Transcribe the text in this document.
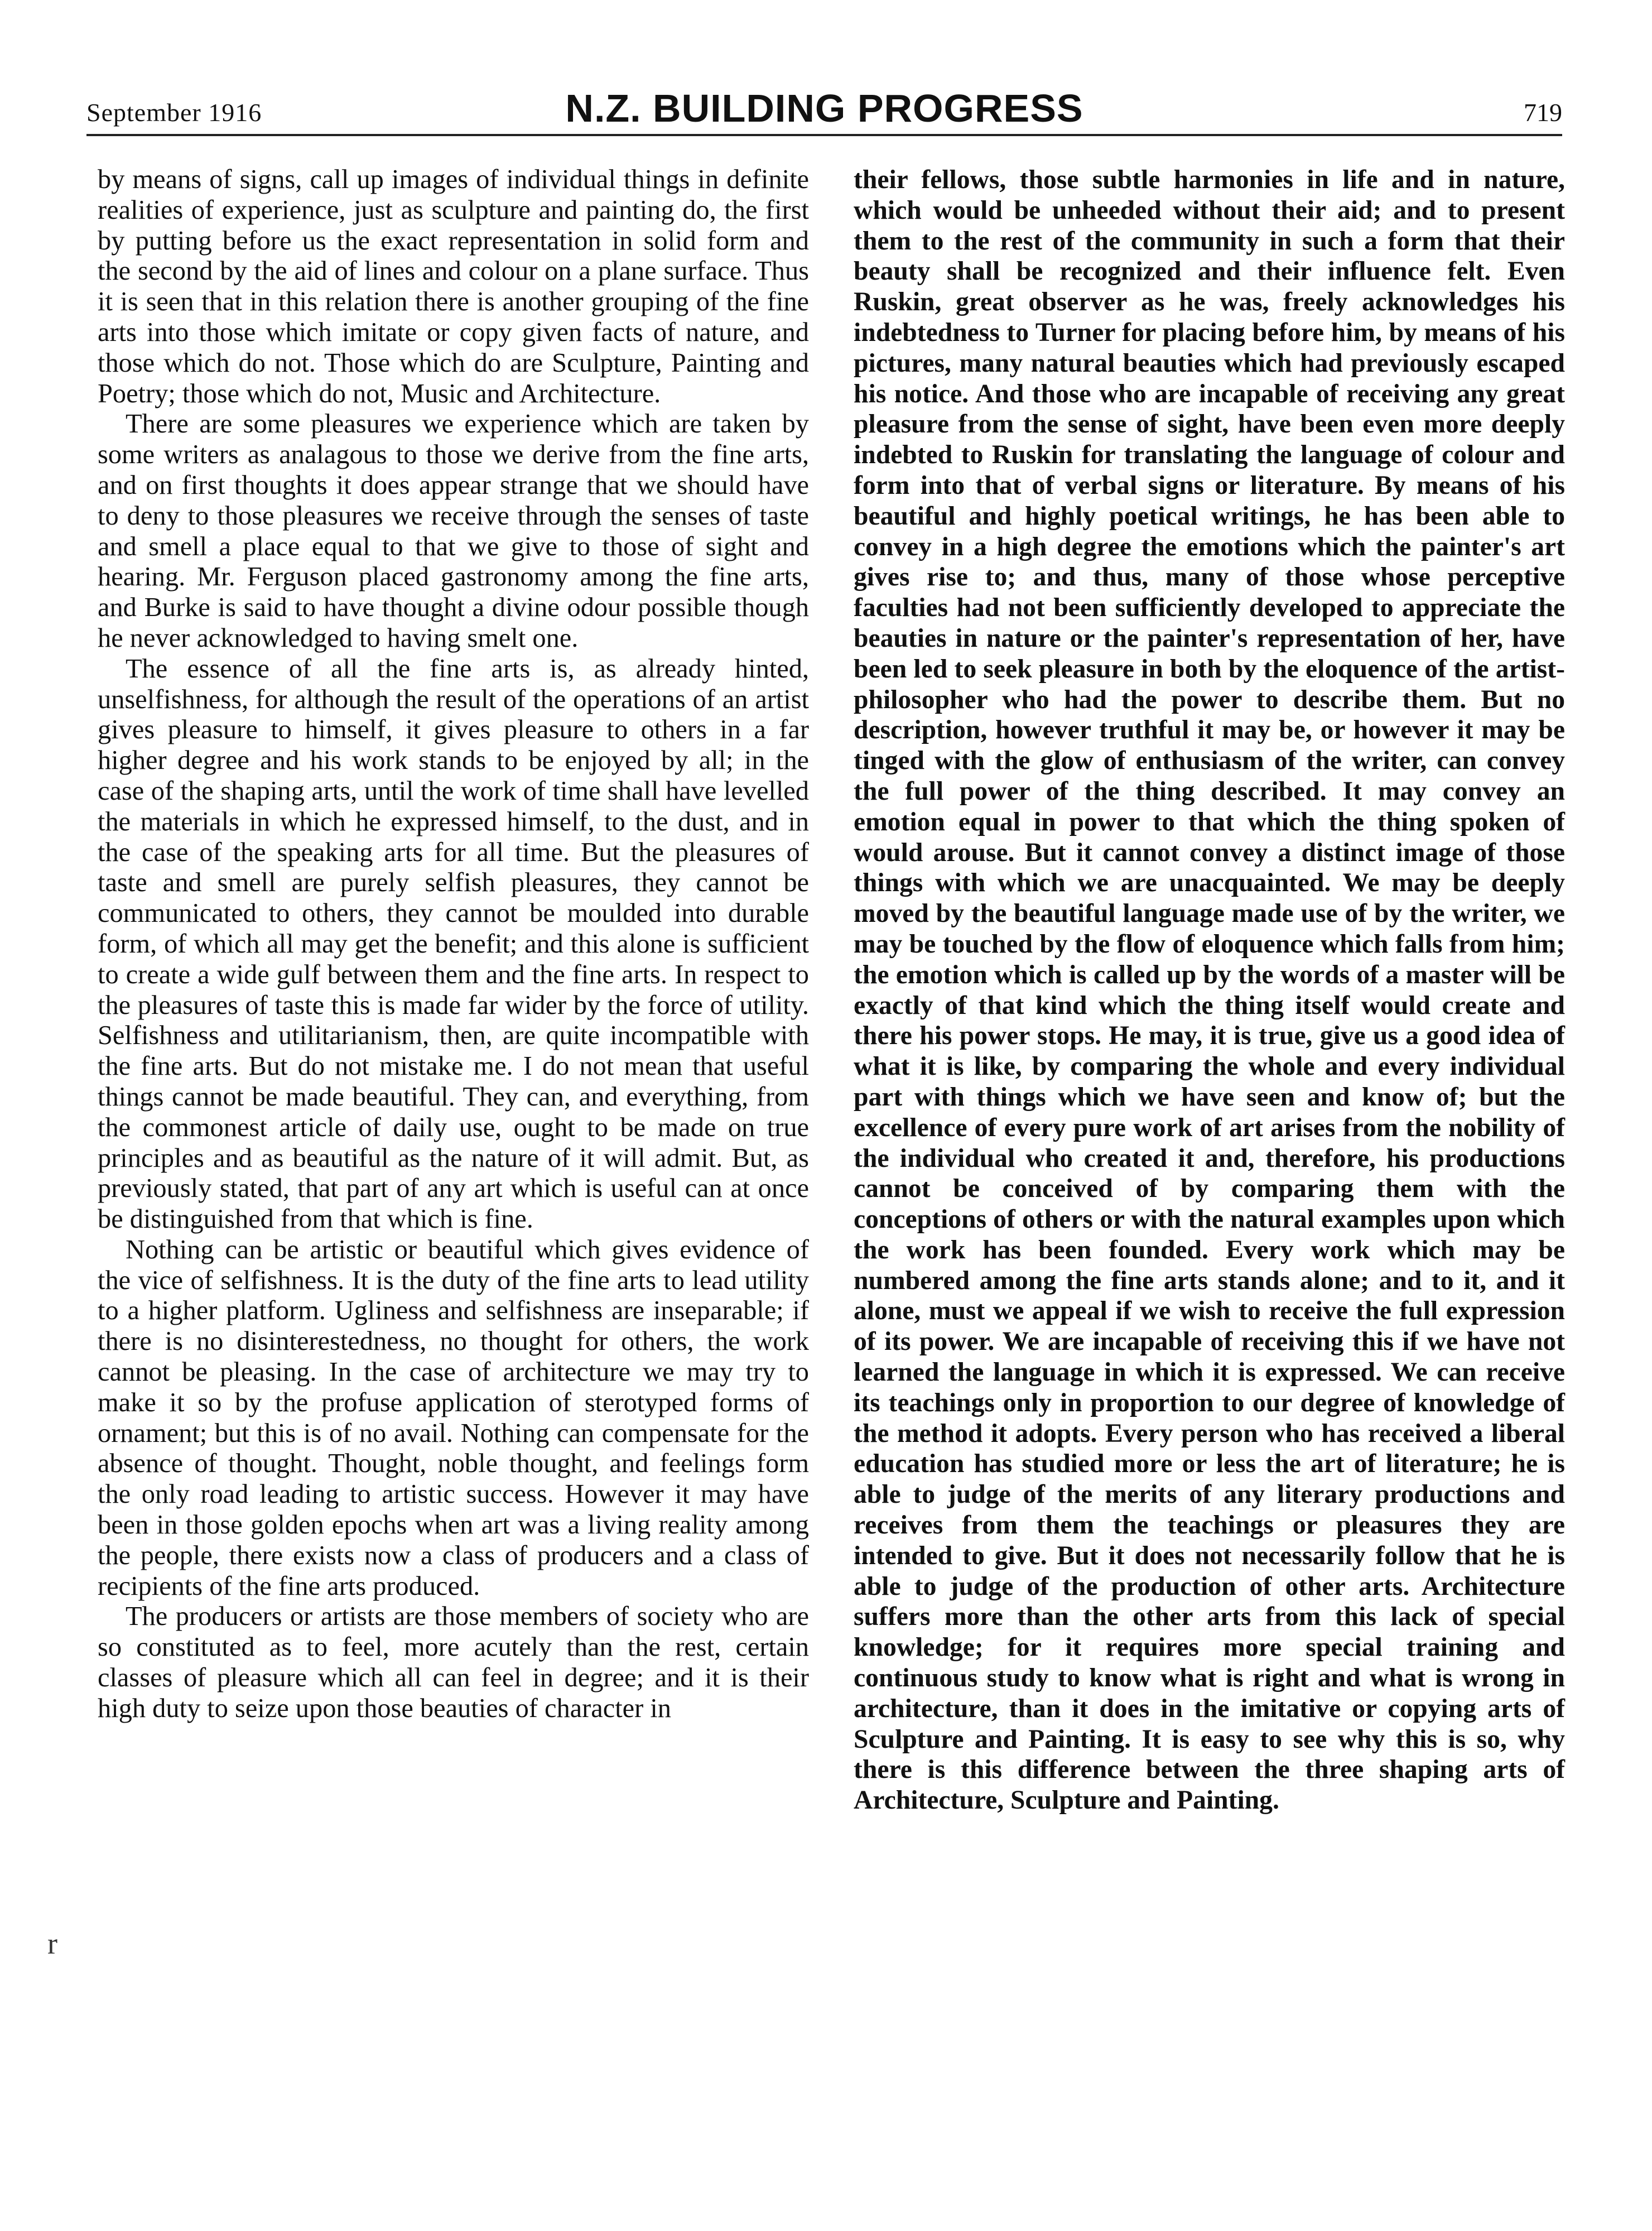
September 1916	N.Z. BUILDING PROGRESS	719

by means of signs, call up images of individual things in definite realities of experience, just as sculpture and painting do, the first by putting before us the exact representation in solid form and the second by the aid of lines and colour on a plane surface. Thus it is seen that in this relation there is another grouping of the fine arts into those which imitate or copy given facts of nature, and those which do not. Those which do are Sculpture, Painting and Poetry; those which do not, Music and Architecture.

There are some pleasures we experience which are taken by some writers as analagous to those we derive from the fine arts, and on first thoughts it does appear strange that we should have to deny to those pleasures we receive through the senses of taste and smell a place equal to that we give to those of sight and hearing. Mr. Ferguson placed gastronomy among the fine arts, and Burke is said to have thought a divine odour possible though he never acknowledged to having smelt one.

The essence of all the fine arts is, as already hinted, unselfishness, for although the result of the operations of an artist gives pleasure to himself, it gives pleasure to others in a far higher degree and his work stands to be enjoyed by all; in the case of the shaping arts, until the work of time shall have levelled the materials in which he expressed himself, to the dust, and in the case of the speaking arts for all time. But the pleasures of taste and smell are purely selfish pleasures, they cannot be communicated to others, they cannot be moulded into durable form, of which all may get the benefit; and this alone is sufficient to create a wide gulf between them and the fine arts. In respect to the pleasures of taste this is made far wider by the force of utility. Selfishness and utilitarianism, then, are quite incompatible with the fine arts. But do not mistake me. I do not mean that useful things cannot be made beautiful. They can, and everything, from the commonest article of daily use, ought to be made on true principles and as beautiful as the nature of it will admit. But, as previously stated, that part of any art which is useful can at once be distinguished from that which is fine.

Nothing can be artistic or beautiful which gives evidence of the vice of selfishness. It is the duty of the fine arts to lead utility to a higher platform. Ugliness and selfishness are inseparable; if there is no disinterestedness, no thought for others, the work cannot be pleasing. In the case of architecture we may try to make it so by the profuse application of sterotyped forms of ornament; but this is of no avail. Nothing can compensate for the absence of thought. Thought, noble thought, and feelings form the only road leading to artistic success. However it may have been in those golden epochs when art was a living reality among the people, there exists now a class of producers and a class of recipients of the fine arts produced.

The producers or artists are those members of society who are so constituted as to feel, more acutely than the rest, certain classes of pleasure which all can feel in degree; and it is their high duty to seize upon those beauties of character in

their fellows, those subtle harmonies in life and in nature, which would be unheeded without their aid; and to present them to the rest of the community in such a form that their beauty shall be recognized and their influence felt. Even Ruskin, great observer as he was, freely acknowledges his indebtedness to Turner for placing before him, by means of his pictures, many natural beauties which had previously escaped his notice. And those who are incapable of receiving any great pleasure from the sense of sight, have been even more deeply indebted to Ruskin for translating the language of colour and form into that of verbal signs or literature. By means of his beautiful and highly poetical writings, he has been able to convey in a high degree the emotions which the painter's art gives rise to; and thus, many of those whose perceptive faculties had not been sufficiently developed to appreciate the beauties in nature or the painter's representation of her, have been led to seek pleasure in both by the eloquence of the artist-philosopher who had the power to describe them. But no description, however truthful it may be, or however it may be tinged with the glow of enthusiasm of the writer, can convey the full power of the thing described. It may convey an emotion equal in power to that which the thing spoken of would arouse. But it cannot convey a distinct image of those things with which we are unacquainted. We may be deeply moved by the beautiful language made use of by the writer, we may be touched by the flow of eloquence which falls from him; the emotion which is called up by the words of a master will be exactly of that kind which the thing itself would create and there his power stops. He may, it is true, give us a good idea of what it is like, by comparing the whole and every individual part with things which we have seen and know of; but the excellence of every pure work of art arises from the nobility of the individual who created it and, therefore, his productions cannot be conceived of by comparing them with the conceptions of others or with the natural examples upon which the work has been founded. Every work which may be numbered among the fine arts stands alone; and to it, and it alone, must we appeal if we wish to receive the full expression of its power. We are incapable of receiving this if we have not learned the language in which it is expressed. We can receive its teachings only in proportion to our degree of knowledge of the method it adopts. Every person who has received a liberal education has studied more or less the art of literature; he is able to judge of the merits of any literary productions and receives from them the teachings or pleasures they are intended to give. But it does not necessarily follow that he is able to judge of the production of other arts. Architecture suffers more than the other arts from this lack of special knowledge; for it requires more special training and continuous study to know what is right and what is wrong in architecture, than it does in the imitative or copying arts of Sculpture and Painting. It is easy to see why this is so, why there is this difference between the three shaping arts of Architecture, Sculpture and Painting.

r
